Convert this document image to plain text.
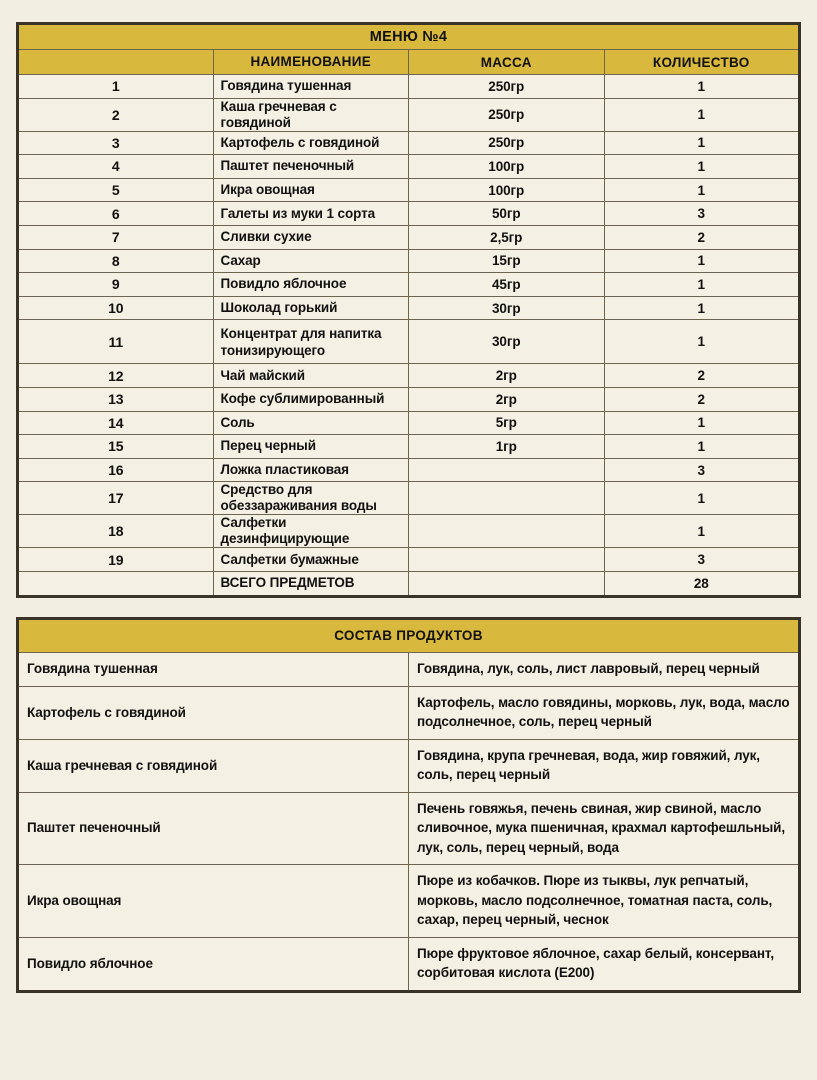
МЕНЮ №4			
	НАИМЕНОВАНИЕ	МАССА	КОЛИЧЕСТВО
1	Говядина тушенная	250гр	1
2	Каша гречневая с говядиной	250гр	1
3	Картофель с говядиной	250гр	1
4	Паштет печеночный	100гр	1
5	Икра овощная	100гр	1
6	Галеты из муки 1 сорта	50гр	3
7	Сливки сухие	2,5гр	2
8	Сахар	15гр	1
9	Повидло яблочное	45гр	1
10	Шоколад горький	30гр	1
11	Концентрат для напитка тонизирующего	30гр	1
12	Чай майский	2гр	2
13	Кофе сублимированный	2гр	2
14	Соль	5гр	1
15	Перец черный	1гр	1
16	Ложка пластиковая		3
17	Средство для обеззараживания воды		1
18	Салфетки дезинфицирующие		1
19	Салфетки бумажные		3
	ВСЕГО ПРЕДМЕТОВ		28
СОСТАВ ПРОДУКТОВ	
Говядина тушенная	Говядина, лук, соль, лист лавровый, перец черный
Картофель с говядиной	Картофель, масло говядины, морковь, лук, вода, масло подсолнечное, соль, перец черный
Каша гречневая с говядиной	Говядина, крупа гречневая, вода, жир говяжий, лук, соль, перец черный
Паштет печеночный	Печень говяжья, печень свиная, жир свиной, масло сливочное, мука пшеничная, крахмал картофешльный, лук, соль, перец черный, вода
Икра овощная	Пюре из кобачков. Пюре из тыквы, лук репчатый, морковь, масло подсолнечное, томатная паста, соль, сахар, перец черный, чеснок
Повидло яблочное	Пюре фруктовое яблочное, сахар белый, консервант, сорбитовая кислота (Е200)
